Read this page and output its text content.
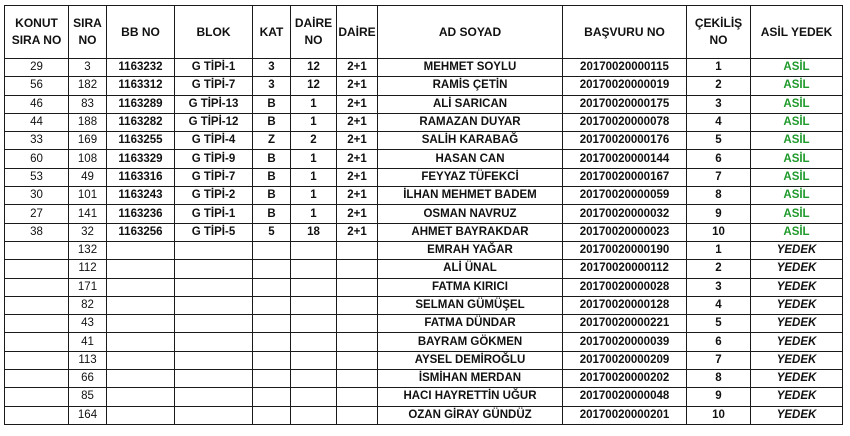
KONUT SIRA NO	SIRA NO	BB NO	BLOK	KAT	DAİRE NO	DAİRE	AD SOYAD	BAŞVURU NO	ÇEKİLİŞ NO	ASİL YEDEK
29	3	1163232	G TİPİ-1	3	12	2+1	MEHMET SOYLU	20170020000115	1	ASİL
56	182	1163312	G TİPİ-7	3	12	2+1	RAMİS ÇETİN	20170020000019	2	ASİL
46	83	1163289	G TİPİ-13	B	1	2+1	ALİ SARICAN	20170020000175	3	ASİL
44	188	1163282	G TİPİ-12	B	1	2+1	RAMAZAN DUYAR	20170020000078	4	ASİL
33	169	1163255	G TİPİ-4	Z	2	2+1	SALİH KARABAĞ	20170020000176	5	ASİL
60	108	1163329	G TİPİ-9	B	1	2+1	HASAN CAN	20170020000144	6	ASİL
53	49	1163316	G TİPİ-7	B	1	2+1	FEYYAZ TÜFEKCİ	20170020000167	7	ASİL
30	101	1163243	G TİPİ-2	B	1	2+1	İLHAN MEHMET BADEM	20170020000059	8	ASİL
27	141	1163236	G TİPİ-1	B	1	2+1	OSMAN NAVRUZ	20170020000032	9	ASİL
38	32	1163256	G TİPİ-5	5	18	2+1	AHMET BAYRAKDAR	20170020000023	10	ASİL
	132						EMRAH YAĞAR	20170020000190	1	YEDEK
	112						ALİ ÜNAL	20170020000112	2	YEDEK
	171						FATMA KIRICI	20170020000028	3	YEDEK
	82						SELMAN GÜMÜŞEL	20170020000128	4	YEDEK
	43						FATMA DÜNDAR	20170020000221	5	YEDEK
	41						BAYRAM GÖKMEN	20170020000039	6	YEDEK
	113						AYSEL DEMİROĞLU	20170020000209	7	YEDEK
	66						İSMİHAN MERDAN	20170020000202	8	YEDEK
	85						HACI HAYRETTİN UĞUR	20170020000048	9	YEDEK
	164						OZAN GİRAY GÜNDÜZ	20170020000201	10	YEDEK
